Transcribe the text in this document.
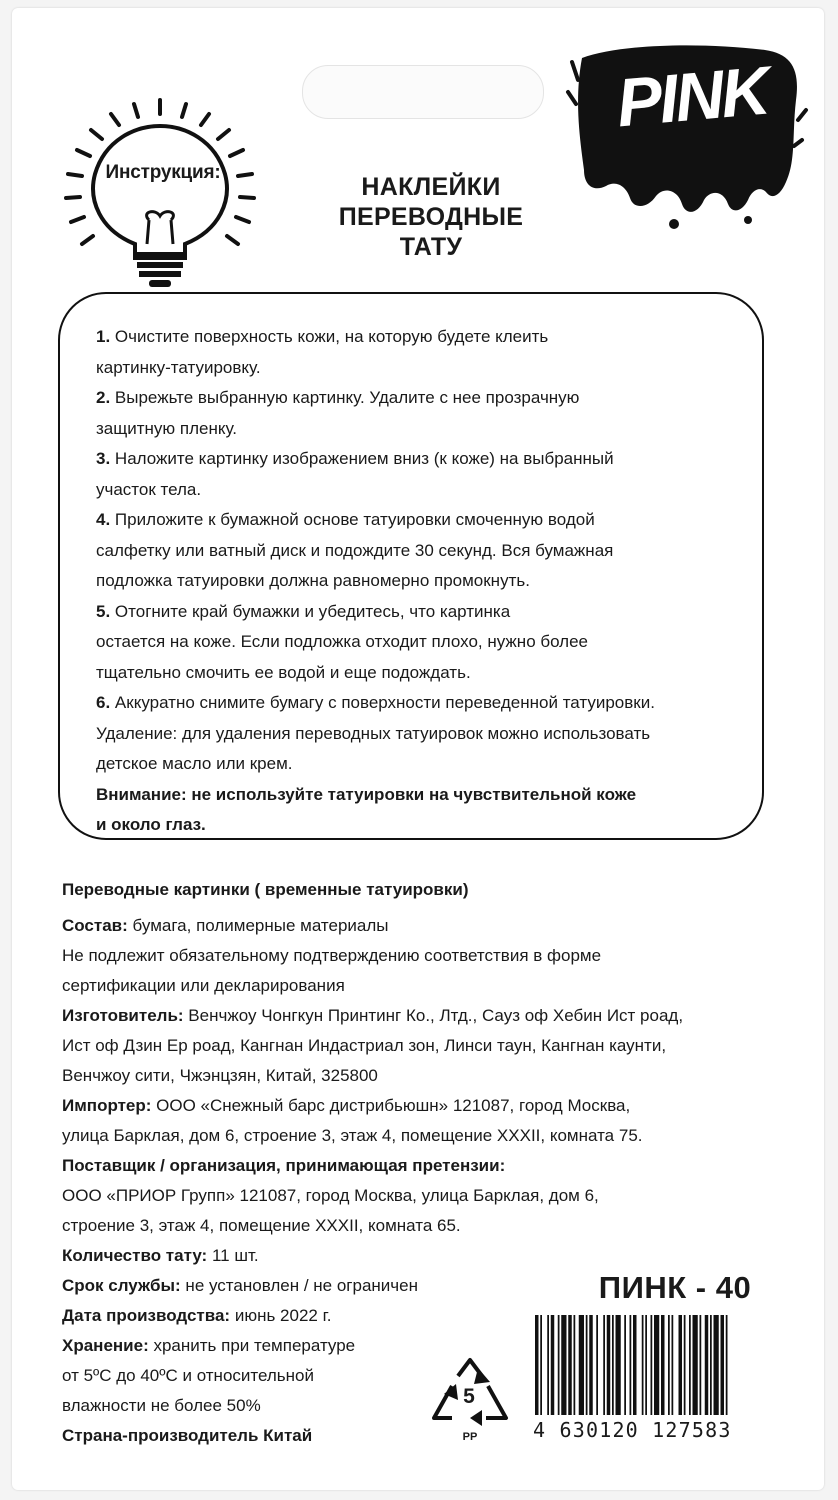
Инструкция:
НАКЛЕЙКИ
ПЕРЕВОДНЫЕ
ТАТУ
PINK
1. Очистите поверхность кожи, на которую будете клеить
картинку-татуировку.
2. Вырежьте выбранную картинку. Удалите с нее прозрачную
защитную пленку.
3. Наложите картинку изображением вниз (к коже) на выбранный
участок тела.
4. Приложите к бумажной основе татуировки смоченную водой
салфетку или ватный диск и подождите 30 секунд. Вся бумажная
подложка татуировки должна равномерно промокнуть.
5. Отогните край бумажки и убедитесь, что картинка
остается на коже. Если подложка отходит плохо, нужно более
тщательно смочить ее водой и еще подождать.
6. Аккуратно снимите бумагу с поверхности переведенной татуировки.
Удаление: для удаления переводных татуировок можно использовать
детское масло или крем.
Внимание: не используйте татуировки на чувствительной коже
и около глаз.
Переводные картинки ( временные татуировки)
Состав: бумага, полимерные материалы
Не подлежит обязательному подтверждению соответствия в форме
сертификации или декларирования
Изготовитель: Венчжоу Чонгкун Принтинг Ко., Лтд., Сауз оф Хебин Ист роад,
Ист оф Дзин Ер роад, Кангнан Индастриал зон, Линси таун, Кангнан каунти,
Венчжоу сити, Чжэнцзян, Китай, 325800
Импортер: ООО «Снежный барс дистрибьюшн» 121087, город Москва,
улица Барклая, дом 6, строение 3, этаж 4, помещение XXXII, комната 75.
Поставщик / организация, принимающая претензии:
ООО «ПРИОР Групп» 121087, город Москва, улица Барклая, дом 6,
строение 3, этаж 4, помещение XXXII, комната 65.
Количество тату: 11 шт.
Срок службы: не установлен / не ограничен
Дата производства: июнь 2022 г.
Хранение: хранить при температуре
от 5ºС до 40ºС и относительной
влажности не более 50%
Страна-производитель Китай
ПИНК - 40
4 630120 127583
5
PP
